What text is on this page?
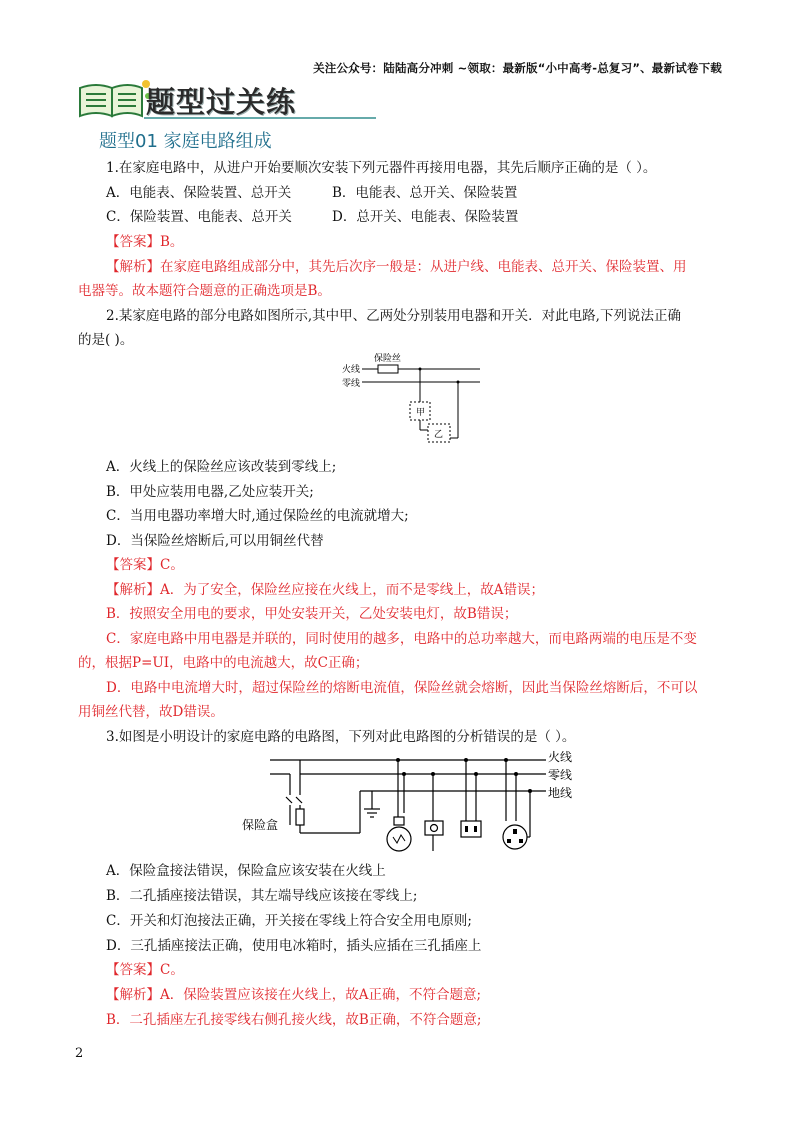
关注公众号：陆陆高分冲刺 ~领取：最新版“小中高考-总复习”、最新试卷下载
题型过关练
题型01 家庭电路组成
1.在家庭电路中，从进户开始要顺次安装下列元器件再接用电器，其先后顺序正确的是（ ）。
A．电能表、保险装置、总开关	B．电能表、总开关、保险装置
C．保险装置、电能表、总开关	D．总开关、电能表、保险装置
【答案】B。
【解析】在家庭电路组成部分中，其先后次序一般是：从进户线、电能表、总开关、保险装置、用
电器等。故本题符合题意的正确选项是B。
2.某家庭电路的部分电路如图所示,其中甲、乙两处分别装用电器和开关．对此电路,下列说法正确
的是( )。
保险丝
火线
零线
甲
乙
A．火线上的保险丝应该改装到零线上;
B．甲处应装用电器,乙处应装开关;
C．当用电器功率增大时,通过保险丝的电流就增大;
D．当保险丝熔断后,可以用铜丝代替
【答案】C。
【解析】A．为了安全，保险丝应接在火线上，而不是零线上，故A错误；
B．按照安全用电的要求，甲处安装开关，乙处安装电灯，故B错误；
C．家庭电路中用电器是并联的，同时使用的越多，电路中的总功率越大，而电路两端的电压是不变
的，根据P=UI，电路中的电流越大，故C正确；
D．电路中电流增大时，超过保险丝的熔断电流值，保险丝就会熔断，因此当保险丝熔断后，不可以
用铜丝代替，故D错误。
3.如图是小明设计的家庭电路的电路图，下列对此电路图的分析错误的是（ ）。
火线
零线
地线
保险盒
A．保险盒接法错误，保险盒应该安装在火线上
B．二孔插座接法错误，其左端导线应该接在零线上;
C．开关和灯泡接法正确，开关接在零线上符合安全用电原则;
D．三孔插座接法正确，使用电冰箱时，插头应插在三孔插座上
【答案】C。
【解析】A．保险装置应该接在火线上，故A正确，不符合题意;
B．二孔插座左孔接零线右侧孔接火线，故B正确，不符合题意;
2
